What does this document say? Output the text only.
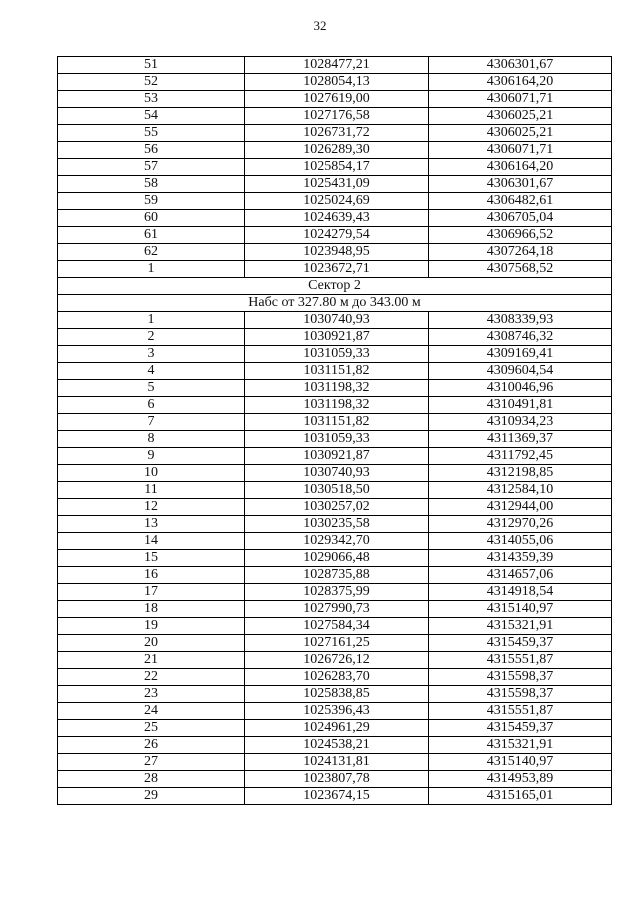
32
51	1028477,21	4306301,67
52	1028054,13	4306164,20
53	1027619,00	4306071,71
54	1027176,58	4306025,21
55	1026731,72	4306025,21
56	1026289,30	4306071,71
57	1025854,17	4306164,20
58	1025431,09	4306301,67
59	1025024,69	4306482,61
60	1024639,43	4306705,04
61	1024279,54	4306966,52
62	1023948,95	4307264,18
1	1023672,71	4307568,52
Сектор 2		
Набс от 327.80 м до 343.00 м		
1	1030740,93	4308339,93
2	1030921,87	4308746,32
3	1031059,33	4309169,41
4	1031151,82	4309604,54
5	1031198,32	4310046,96
6	1031198,32	4310491,81
7	1031151,82	4310934,23
8	1031059,33	4311369,37
9	1030921,87	4311792,45
10	1030740,93	4312198,85
11	1030518,50	4312584,10
12	1030257,02	4312944,00
13	1030235,58	4312970,26
14	1029342,70	4314055,06
15	1029066,48	4314359,39
16	1028735,88	4314657,06
17	1028375,99	4314918,54
18	1027990,73	4315140,97
19	1027584,34	4315321,91
20	1027161,25	4315459,37
21	1026726,12	4315551,87
22	1026283,70	4315598,37
23	1025838,85	4315598,37
24	1025396,43	4315551,87
25	1024961,29	4315459,37
26	1024538,21	4315321,91
27	1024131,81	4315140,97
28	1023807,78	4314953,89
29	1023674,15	4315165,01
